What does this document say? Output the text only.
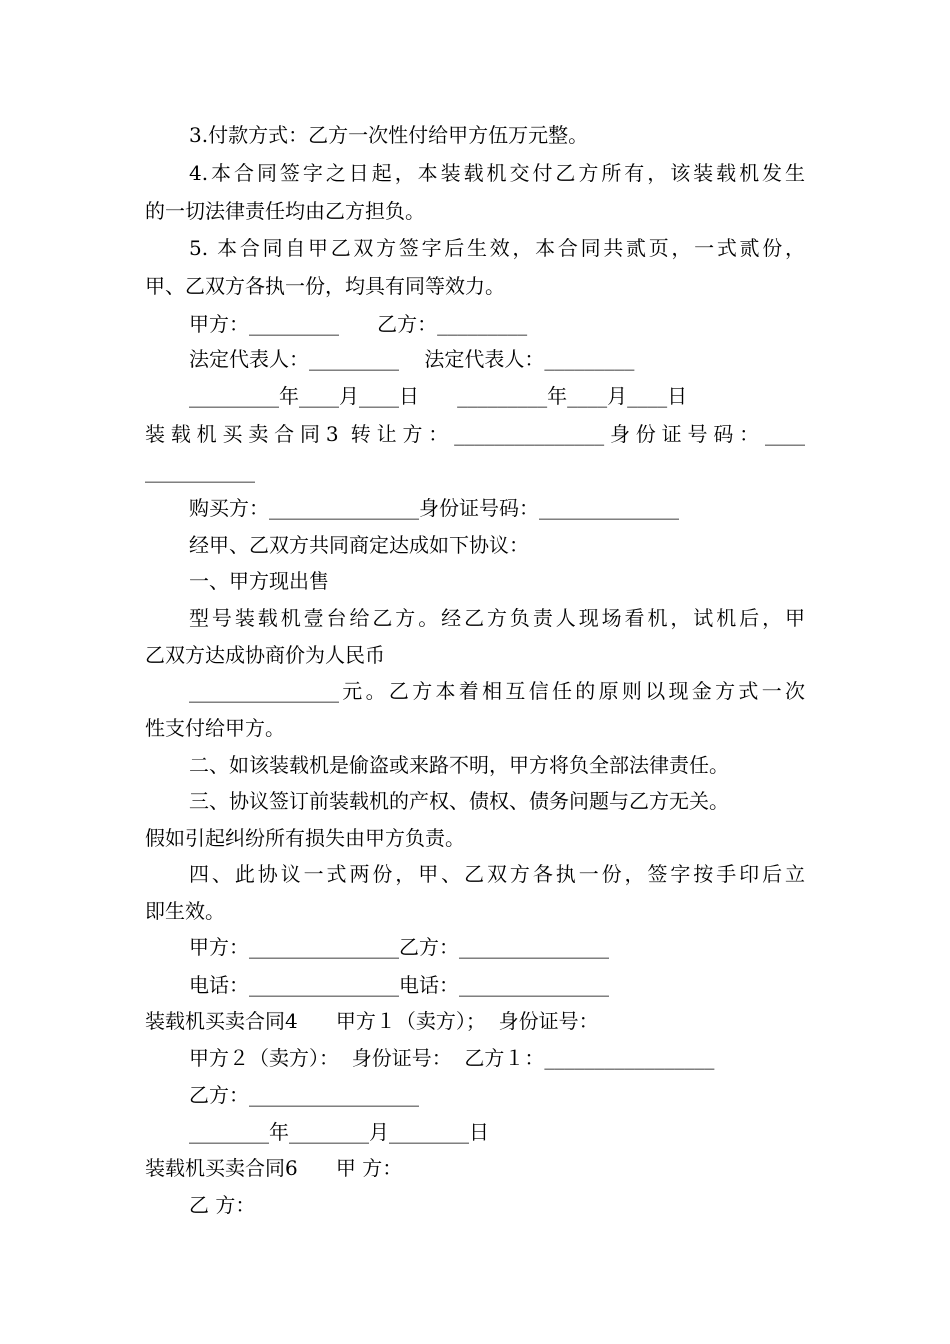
3.付款方式：乙方一次性付给甲方伍万元整。
4.本合同签字之日起，本装载机交付乙方所有，该装载机发生
的一切法律责任均由乙方担负。
5. 本合同自甲乙双方签字后生效，本合同共贰页，一式贰份，
甲、乙双方各执一份，均具有同等效力。
甲方：_________      乙方：_________
法定代表人：_________    法定代表人：_________
_________年____月____日      _________年____月____日
装载机买卖合同3 转让方：_______________身份证号码：____
___________
购买方：_______________身份证号码：______________
经甲、乙双方共同商定达成如下协议：
一、甲方现出售
型号装载机壹台给乙方。经乙方负责人现场看机，试机后，甲
乙双方达成协商价为人民币
_______________元。乙方本着相互信任的原则以现金方式一次
性支付给甲方。
二、如该装载机是偷盗或来路不明，甲方将负全部法律责任。
三、协议签订前装载机的产权、债权、债务问题与乙方无关。
假如引起纠纷所有损失由甲方负责。
四、此协议一式两份，甲、乙双方各执一份，签字按手印后立
即生效。
甲方：_______________乙方：_______________
电话：_______________电话：_______________
装载机买卖合同4      甲方１（卖方）；  身份证号：
甲方２（卖方）：  身份证号：  乙方１：_________________
乙方：_________________
________年________月________日
装载机买卖合同6      甲 方：
乙 方：
